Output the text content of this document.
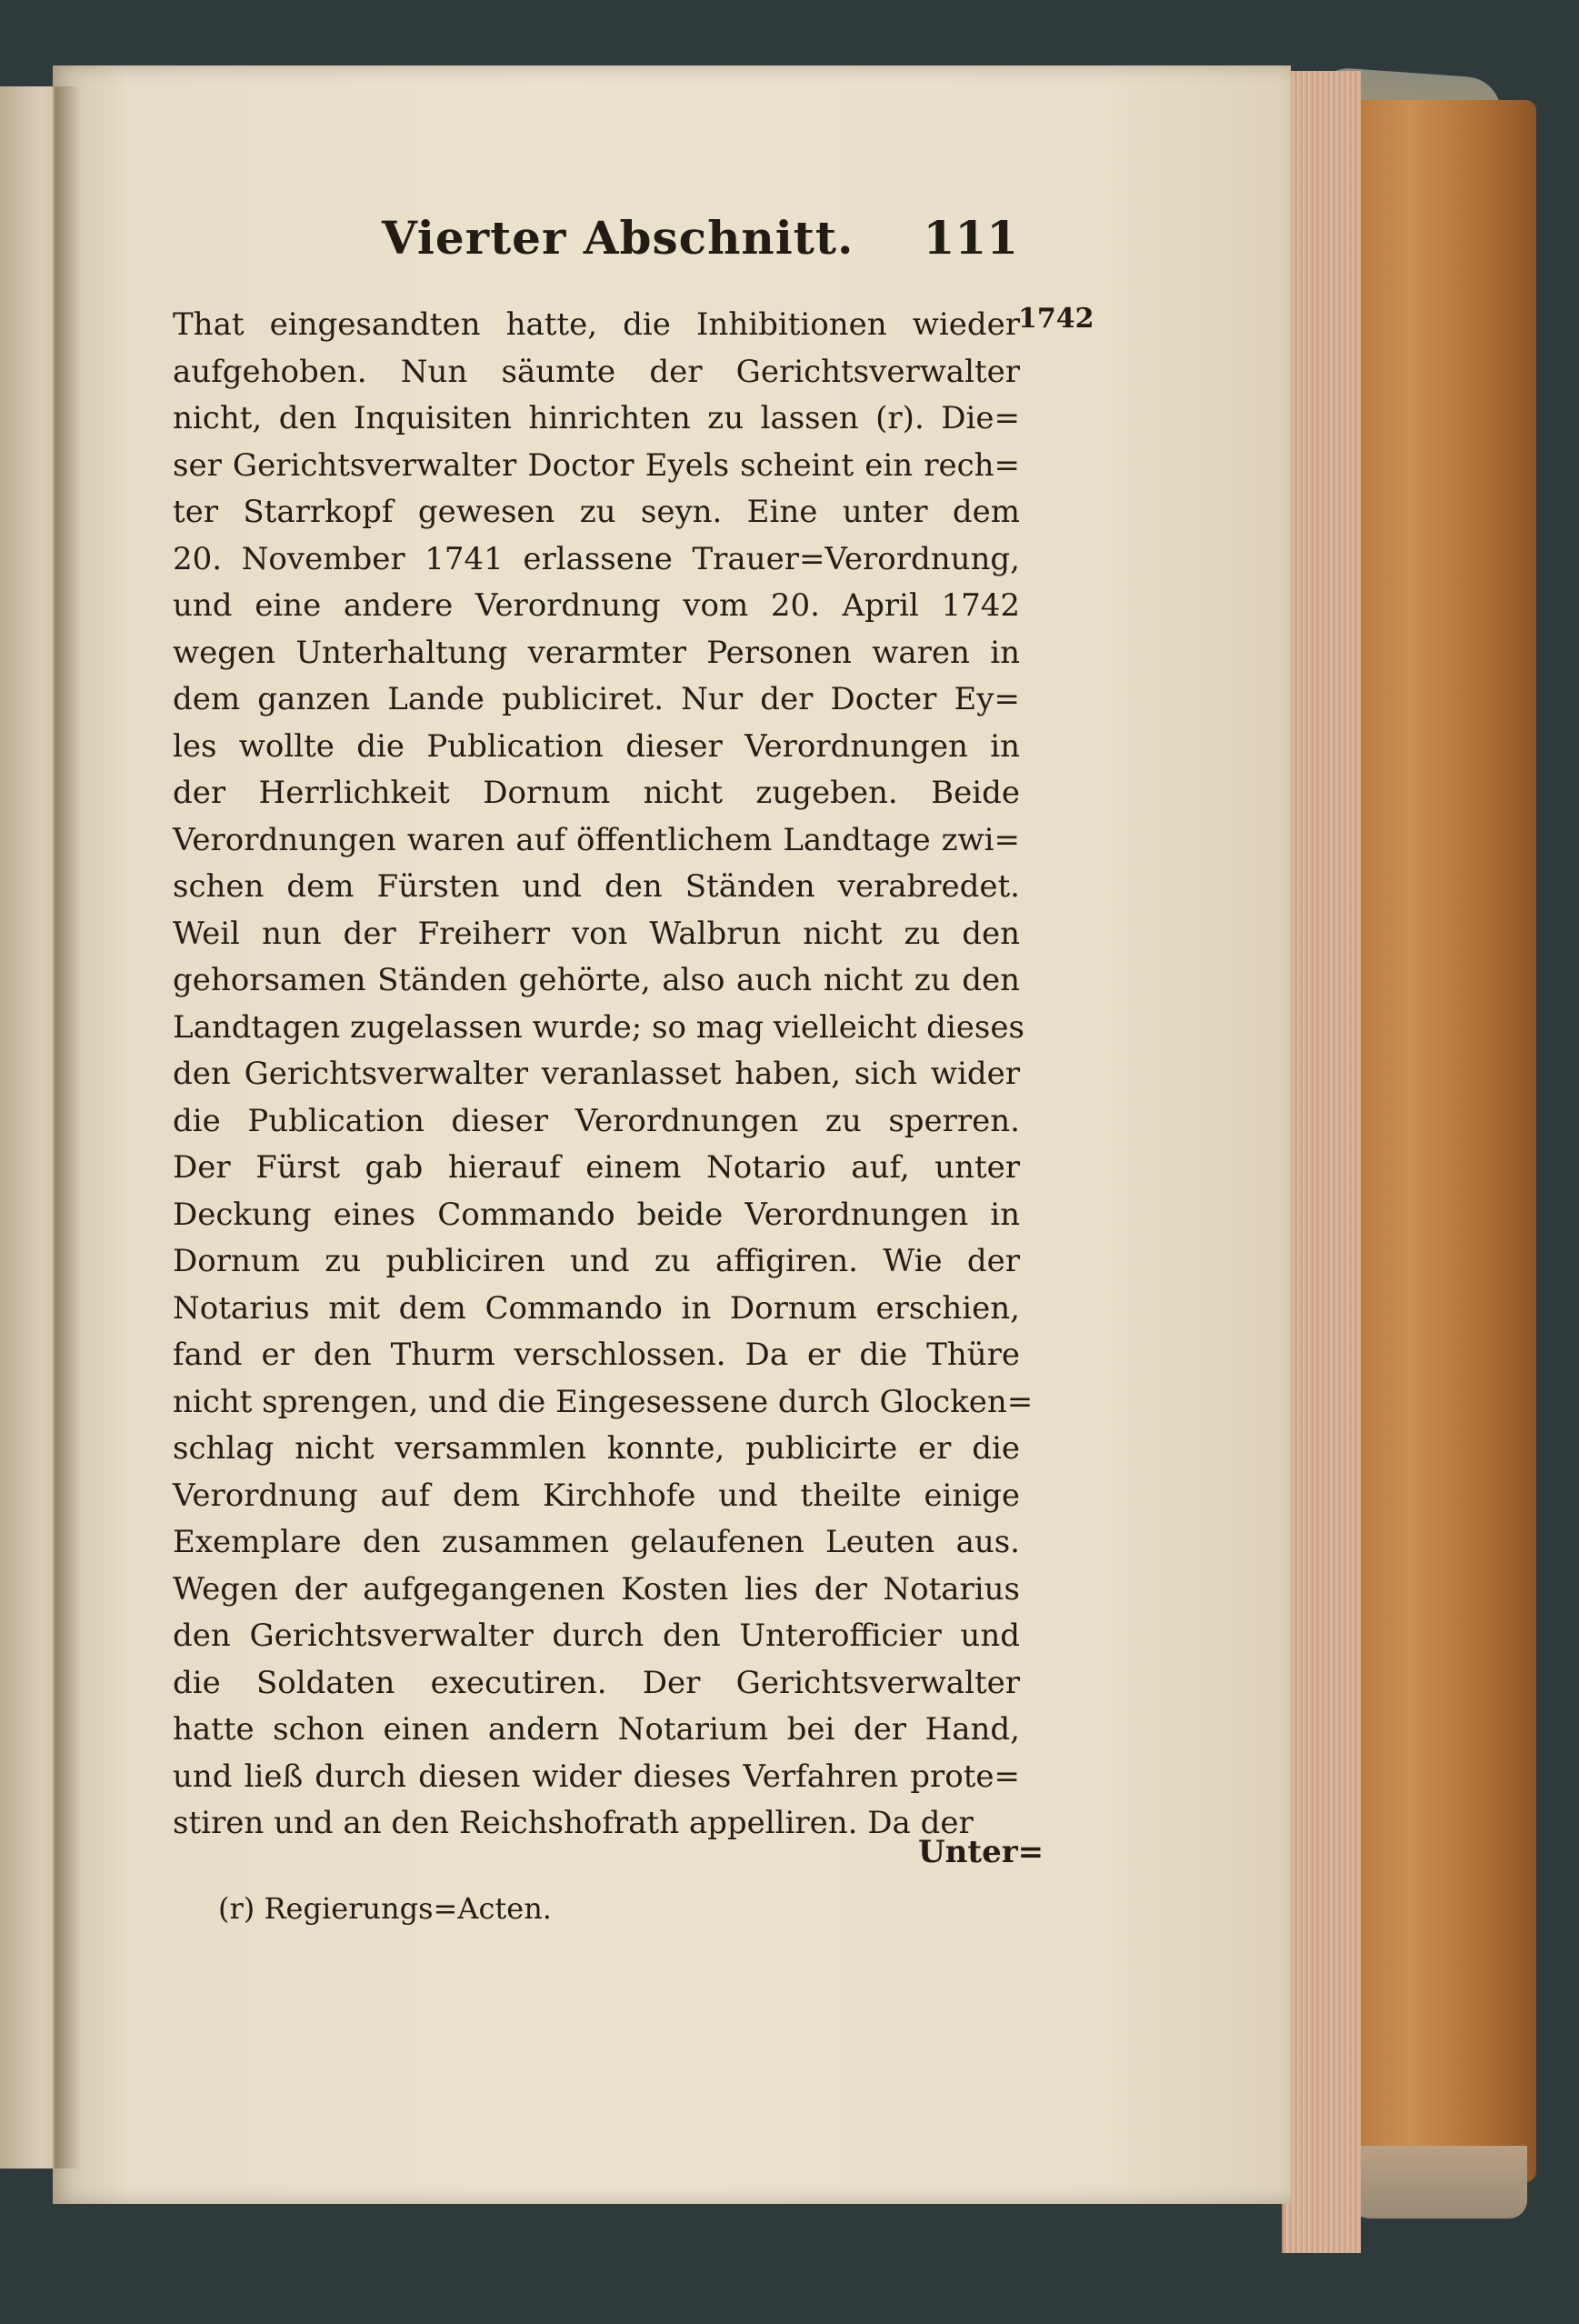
Vierter Abschnitt. 111
1742
That eingesandten hatte, die Inhibitionen wieder
aufgehoben. Nun säumte der Gerichtsverwalter
nicht, den Inquisiten hinrichten zu lassen (r). Die=
ser Gerichtsverwalter Doctor Eyels scheint ein rech=
ter Starrkopf gewesen zu seyn. Eine unter dem
20. November 1741 erlassene Trauer=Verordnung,
und eine andere Verordnung vom 20. April 1742
wegen Unterhaltung verarmter Personen waren in
dem ganzen Lande publiciret. Nur der Docter Ey=
les wollte die Publication dieser Verordnungen in
der Herrlichkeit Dornum nicht zugeben. Beide
Verordnungen waren auf öffentlichem Landtage zwi=
schen dem Fürsten und den Ständen verabredet.
Weil nun der Freiherr von Walbrun nicht zu den
gehorsamen Ständen gehörte, also auch nicht zu den
Landtagen zugelassen wurde; so mag vielleicht dieses
den Gerichtsverwalter veranlasset haben, sich wider
die Publication dieser Verordnungen zu sperren.
Der Fürst gab hierauf einem Notario auf, unter
Deckung eines Commando beide Verordnungen in
Dornum zu publiciren und zu affigiren. Wie der
Notarius mit dem Commando in Dornum erschien,
fand er den Thurm verschlossen. Da er die Thüre
nicht sprengen, und die Eingesessene durch Glocken=
schlag nicht versammlen konnte, publicirte er die
Verordnung auf dem Kirchhofe und theilte einige
Exemplare den zusammen gelaufenen Leuten aus.
Wegen der aufgegangenen Kosten lies der Notarius
den Gerichtsverwalter durch den Unterofficier und
die Soldaten executiren. Der Gerichtsverwalter
hatte schon einen andern Notarium bei der Hand,
und ließ durch diesen wider dieses Verfahren prote=
stiren und an den Reichshofrath appelliren. Da der
Unter=
(r) Regierungs=Acten.
